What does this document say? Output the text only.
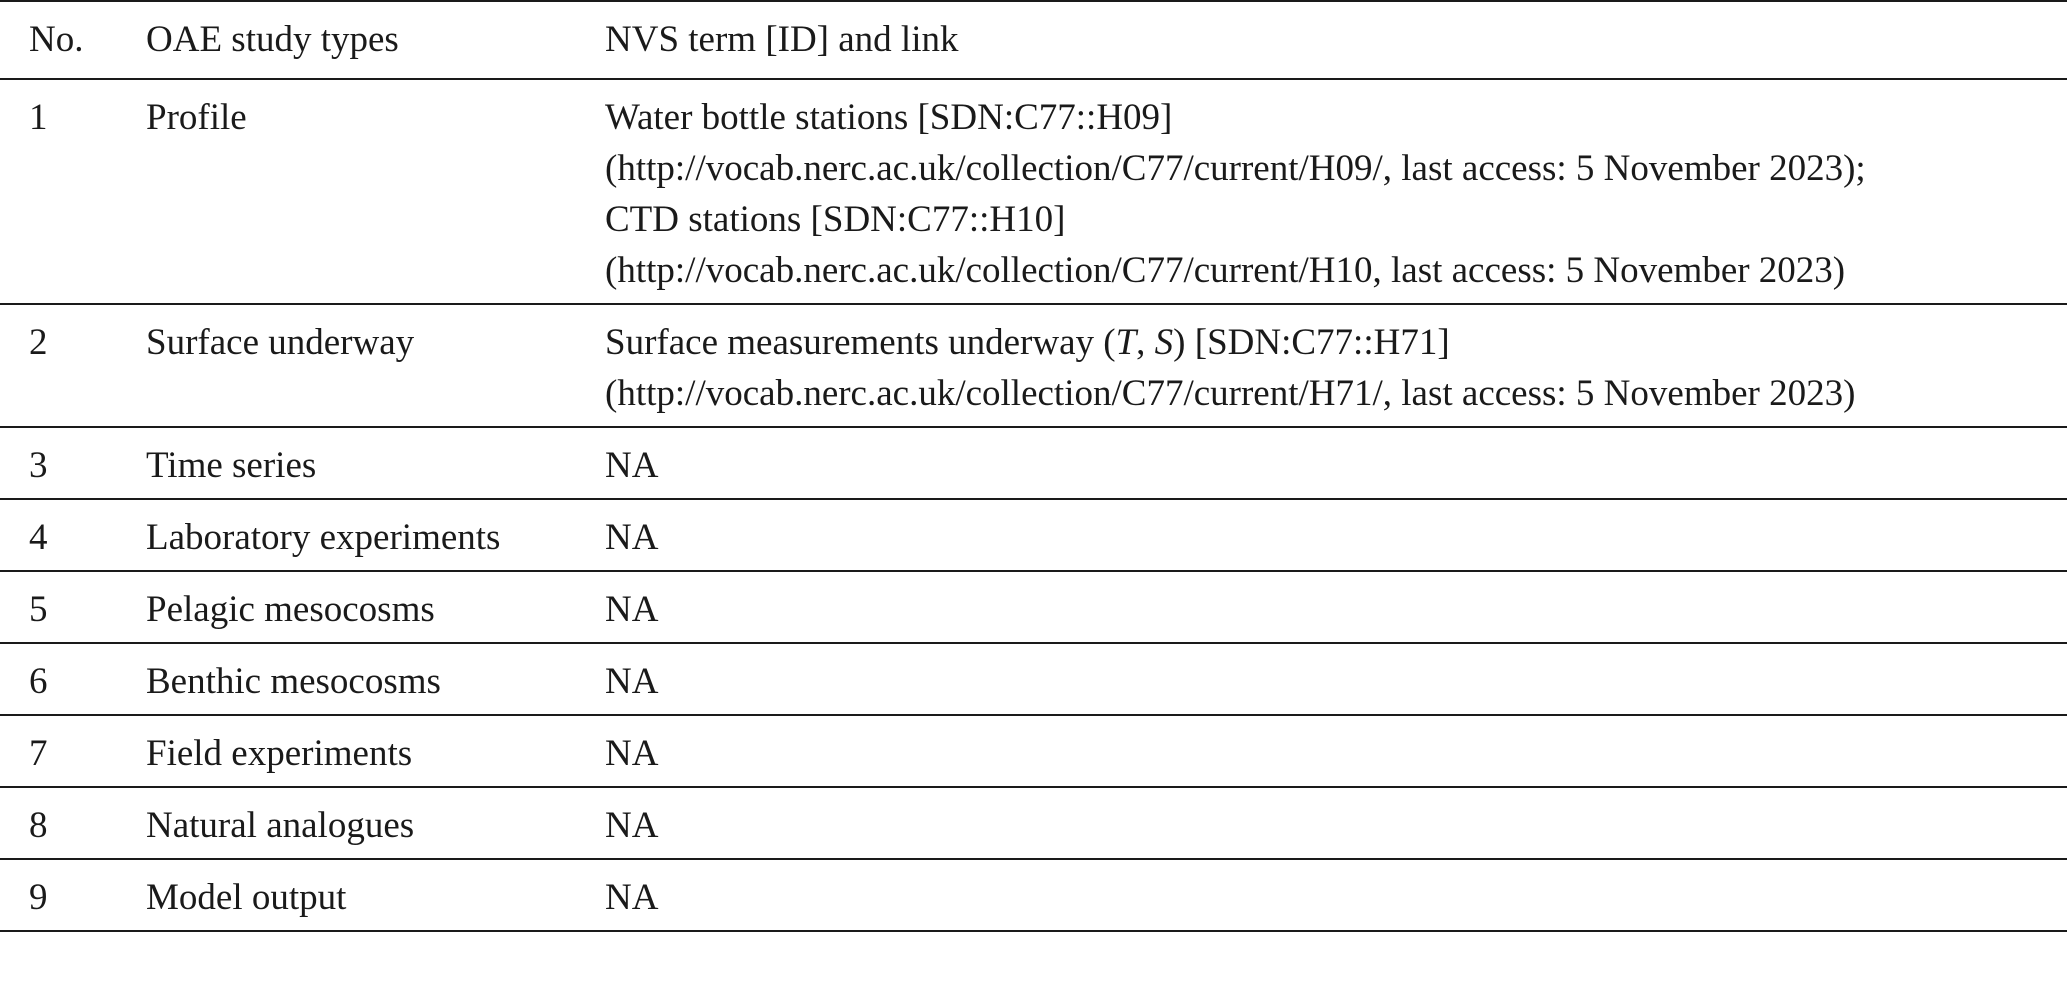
No.	OAE study types	NVS term [ID] and link
1	Profile	Water bottle stations [SDN:C77::H09]
(http://vocab.nerc.ac.uk/collection/C77/current/H09/, last access: 5 November 2023);
CTD stations [SDN:C77::H10]
(http://vocab.nerc.ac.uk/collection/C77/current/H10, last access: 5 November 2023)

2	Surface underway	Surface measurements underway (T, S) [SDN:C77::H71]
(http://vocab.nerc.ac.uk/collection/C77/current/H71/, last access: 5 November 2023)

3	Time series	NA
4	Laboratory experiments	NA
5	Pelagic mesocosms	NA
6	Benthic mesocosms	NA
7	Field experiments	NA
8	Natural analogues	NA
9	Model output	NA
